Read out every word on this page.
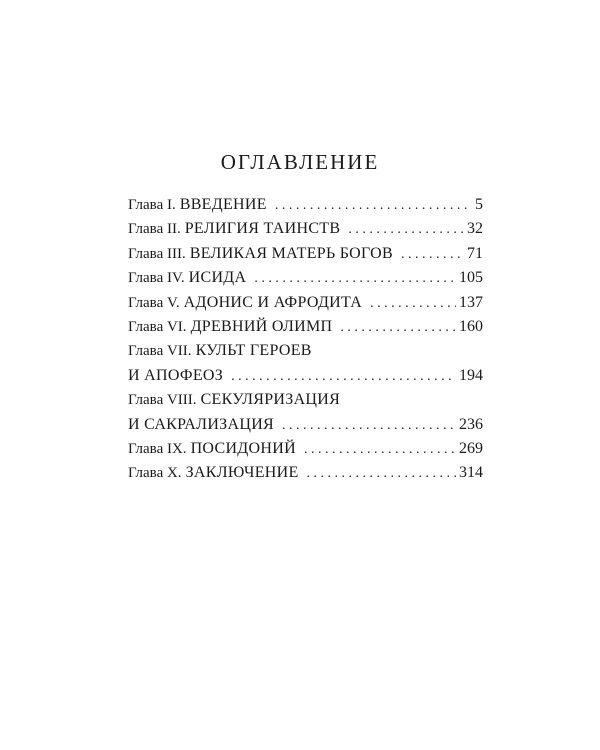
ОГЛАВЛЕНИЕ
Глава I. ВВЕДЕНИЕ . . .	5
Глава II. РЕЛИГИЯ ТАИНСТВ . . .	32
Глава III. ВЕЛИКАЯ МАТЕРЬ БОГОВ . . .	71
Глава IV. ИСИДА . . .	105
Глава V. АДОНИС И АФРОДИТА . . .	137
Глава VI. ДРЕВНИЙ ОЛИМП . . .	160
Глава VII. КУЛЬТ ГЕРОЕВ
И АПОФЕОЗ . . .	194
Глава VIII. СЕКУЛЯРИЗАЦИЯ
И САКРАЛИЗАЦИЯ . . .	236
Глава IX. ПОСИДОНИЙ . . .	269
Глава X. ЗАКЛЮЧЕНИЕ . . .	314
